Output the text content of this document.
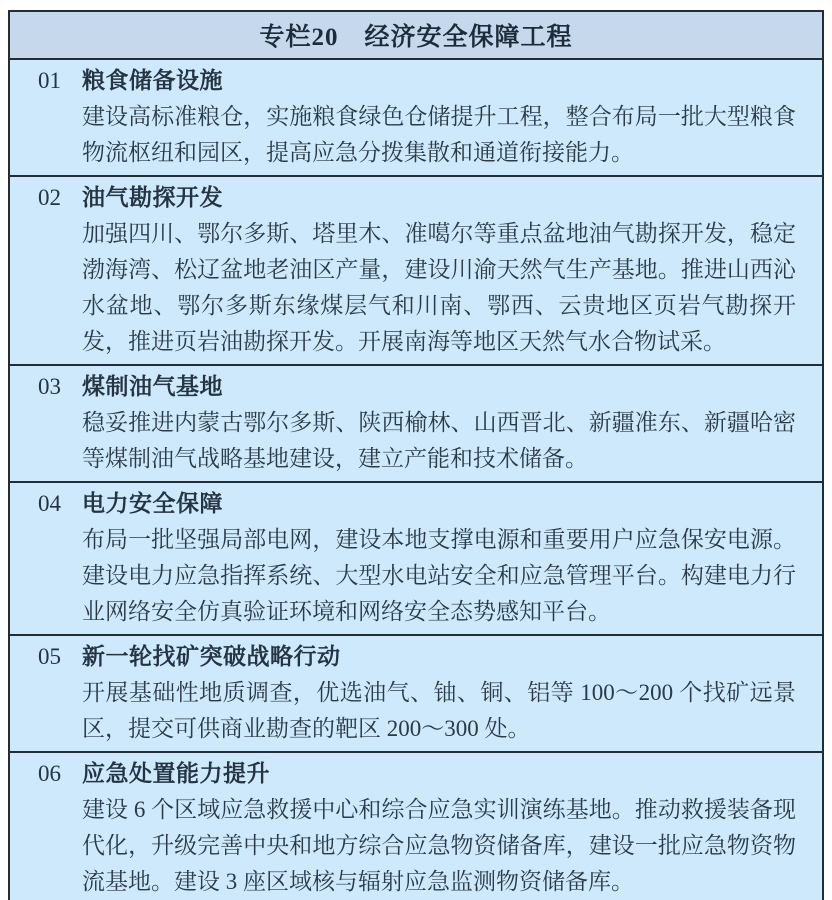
专栏20　经济安全保障工程
01 粮食储备设施

建设高标准粮仓，实施粮食绿色仓储提升工程，整合布局一批大型粮食物流枢纽和园区，提高应急分拨集散和通道衔接能力。

02 油气勘探开发

加强四川、鄂尔多斯、塔里木、准噶尔等重点盆地油气勘探开发，稳定渤海湾、松辽盆地老油区产量，建设川渝天然气生产基地。推进山西沁水盆地、鄂尔多斯东缘煤层气和川南、鄂西、云贵地区页岩气勘探开发，推进页岩油勘探开发。开展南海等地区天然气水合物试采。

03 煤制油气基地

稳妥推进内蒙古鄂尔多斯、陕西榆林、山西晋北、新疆准东、新疆哈密等煤制油气战略基地建设，建立产能和技术储备。

04 电力安全保障

布局一批坚强局部电网，建设本地支撑电源和重要用户应急保安电源。建设电力应急指挥系统、大型水电站安全和应急管理平台。构建电力行业网络安全仿真验证环境和网络安全态势感知平台。

05 新一轮找矿突破战略行动

开展基础性地质调查，优选油气、铀、铜、铝等 100～200 个找矿远景区，提交可供商业勘查的靶区 200～300 处。

06 应急处置能力提升

建设 6 个区域应急救援中心和综合应急实训演练基地。推动救援装备现代化，升级完善中央和地方综合应急物资储备库，建设一批应急物资物流基地。建设 3 座区域核与辐射应急监测物资储备库。
